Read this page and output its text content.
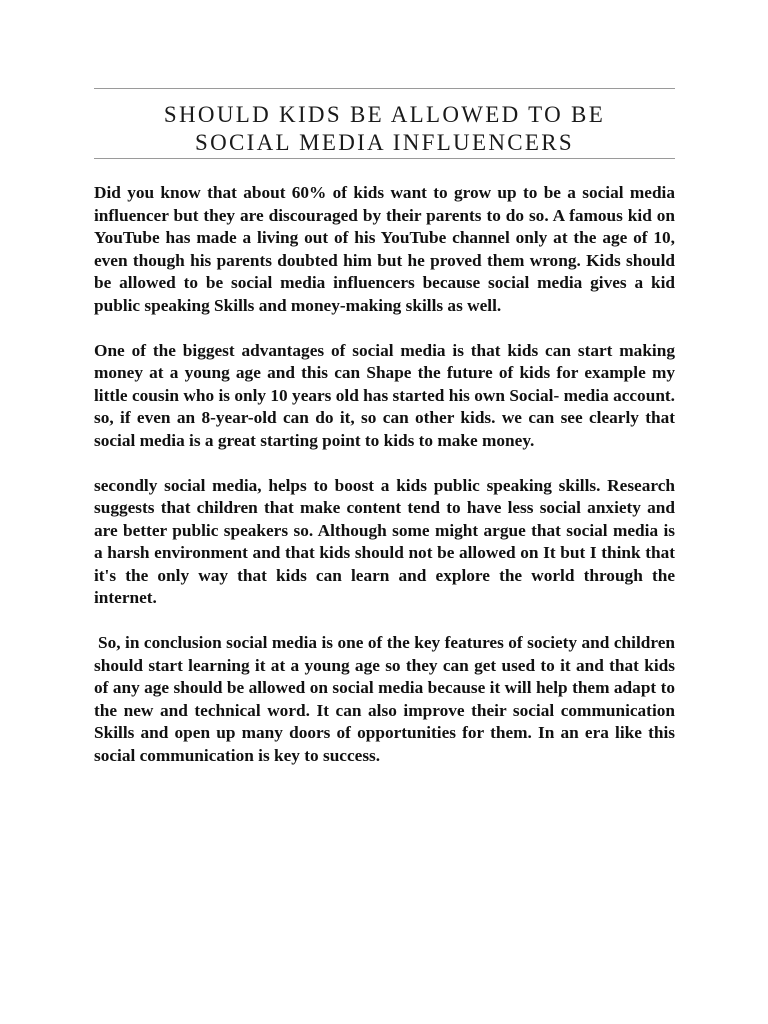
SHOULD KIDS BE ALLOWED TO BE
SOCIAL MEDIA INFLUENCERS

Did you know that about 60% of kids want to grow up to be a social media influencer but they are discouraged by their parents to do so. A famous kid on YouTube has made a living out of his YouTube channel only at the age of 10, even though his parents doubted him but he proved them wrong. Kids should be allowed to be social media influencers because social media gives a kid public speaking Skills and money-making skills as well.

One of the biggest advantages of social media is that kids can start making money at a young age and this can Shape the future of kids for example my little cousin who is only 10 years old has started his own Social- media account. so, if even an 8-year-old can do it, so can other kids. we can see clearly that social media is a great starting point to kids to make money.

secondly social media, helps to boost a kids public speaking skills. Research suggests that children that make content tend to have less social anxiety and are better public speakers so. Although some might argue that social media is a harsh environment and that kids should not be allowed on It but I think that it's the only way that kids can learn and explore the world through the internet.

So, in conclusion social media is one of the key features of society and children should start learning it at a young age so they can get used to it and that kids of any age should be allowed on social media because it will help them adapt to the new and technical word. It can also improve their social communication Skills and open up many doors of opportunities for them. In an era like this social communication is key to success.
